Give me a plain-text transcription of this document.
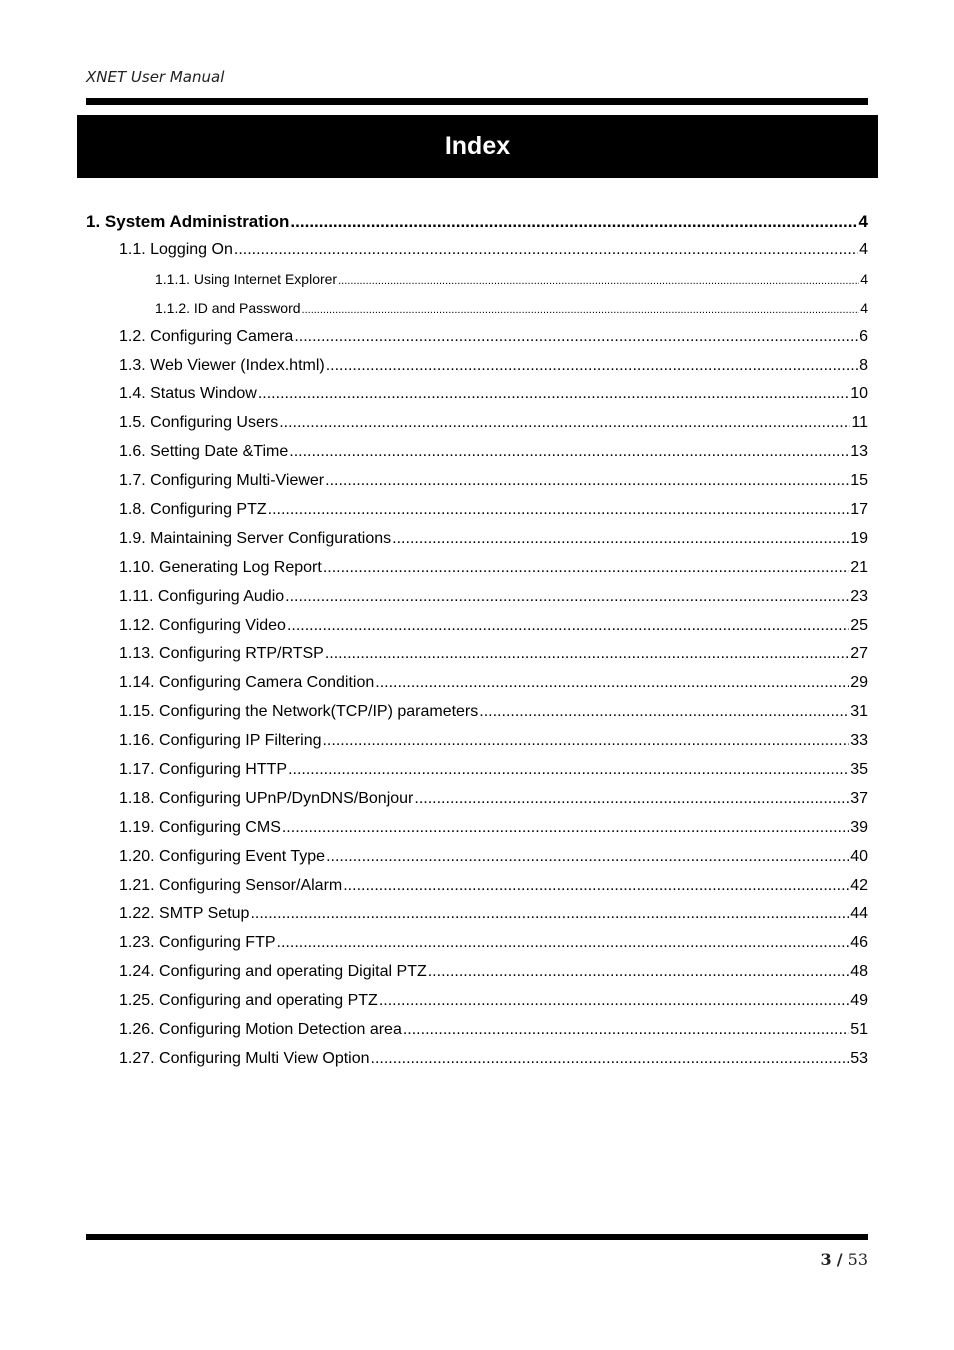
XNET User Manual
Index
1. System Administration .....	4
1.1. Logging On .....	4
1.1.1. Using Internet Explorer .....	4
1.1.2. ID and Password .....	4
1.2. Configuring Camera .....	6
1.3. Web Viewer (Index.html) .....	8
1.4. Status Window .....	10
1.5. Configuring Users .....	11
1.6. Setting Date &Time .....	13
1.7. Configuring Multi-Viewer .....	15
1.8. Configuring PTZ .....	17
1.9. Maintaining Server Configurations .....	19
1.10. Generating Log Report .....	21
1.11. Configuring Audio .....	23
1.12. Configuring Video .....	25
1.13. Configuring RTP/RTSP .....	27
1.14. Configuring Camera Condition .....	29
1.15. Configuring the Network(TCP/IP) parameters .....	31
1.16. Configuring IP Filtering .....	33
1.17. Configuring HTTP .....	35
1.18. Configuring UPnP/DynDNS/Bonjour .....	37
1.19. Configuring CMS .....	39
1.20. Configuring Event Type .....	40
1.21. Configuring Sensor/Alarm .....	42
1.22. SMTP Setup .....	44
1.23. Configuring FTP .....	46
1.24. Configuring and operating Digital PTZ .....	48
1.25. Configuring and operating PTZ .....	49
1.26. Configuring Motion Detection area .....	51
1.27. Configuring Multi View Option .....	53
3 / 53
